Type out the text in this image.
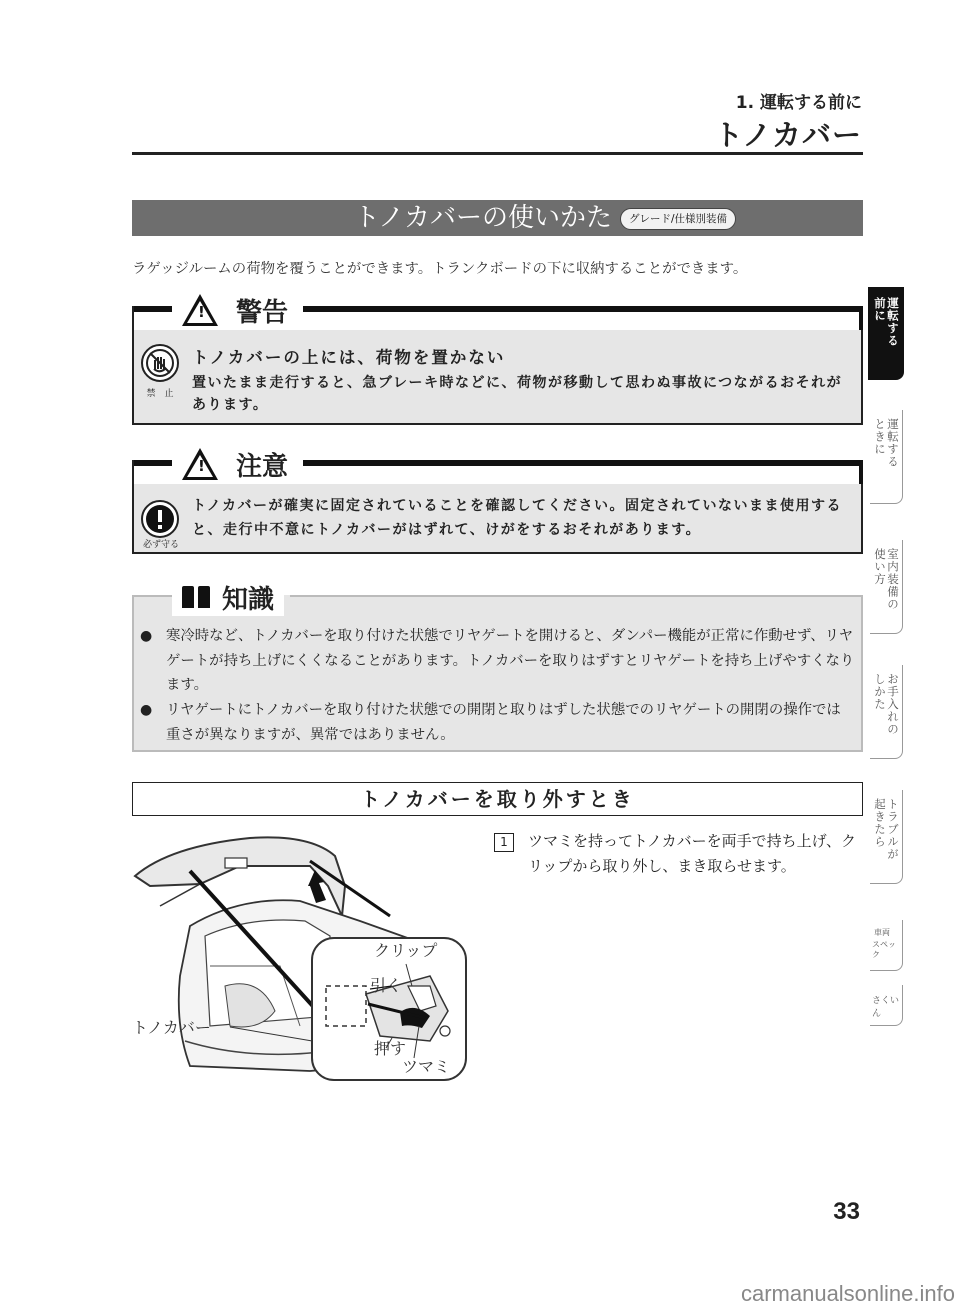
1. 運転する前に
トノカバー
トノカバーの使いかた	グレード/仕様別装備
ラゲッジルームの荷物を覆うことができます。トランクボードの下に収納することができます。
! 警告
禁　止
トノカバーの上には、荷物を置かない
置いたまま走行すると、急ブレーキ時などに、荷物が移動して思わぬ事故につながるおそれがあります。
! 注意
必ず守る
トノカバーが確実に固定されていることを確認してください。固定されていないまま使用すると、走行中不意にトノカバーがはずれて、けがをするおそれがあります。
知識
● 寒冷時など、トノカバーを取り付けた状態でリヤゲートを開けると、ダンパー機能が正常に作動せず、リヤゲートが持ち上げにくくなることがあります。トノカバーを取りはずすとリヤゲートを持ち上げやすくなります。
● リヤゲートにトノカバーを取り付けた状態での開閉と取りはずした状態でのリヤゲートの開閉の操作では重さが異なりますが、異常ではありません。
トノカバーを取り外すとき
1	ツマミを持ってトノカバーを両手で持ち上げ、クリップから取り外し、まき取らせます。
クリップ
引く
トノカバー
押す
ツマミ
運転する
前に
運転する
ときに
室内装備の
使い方
お手入れの
しかた
トラブルが
起きたら
車両
スペック
さくいん
33
carmanualsonline.info
